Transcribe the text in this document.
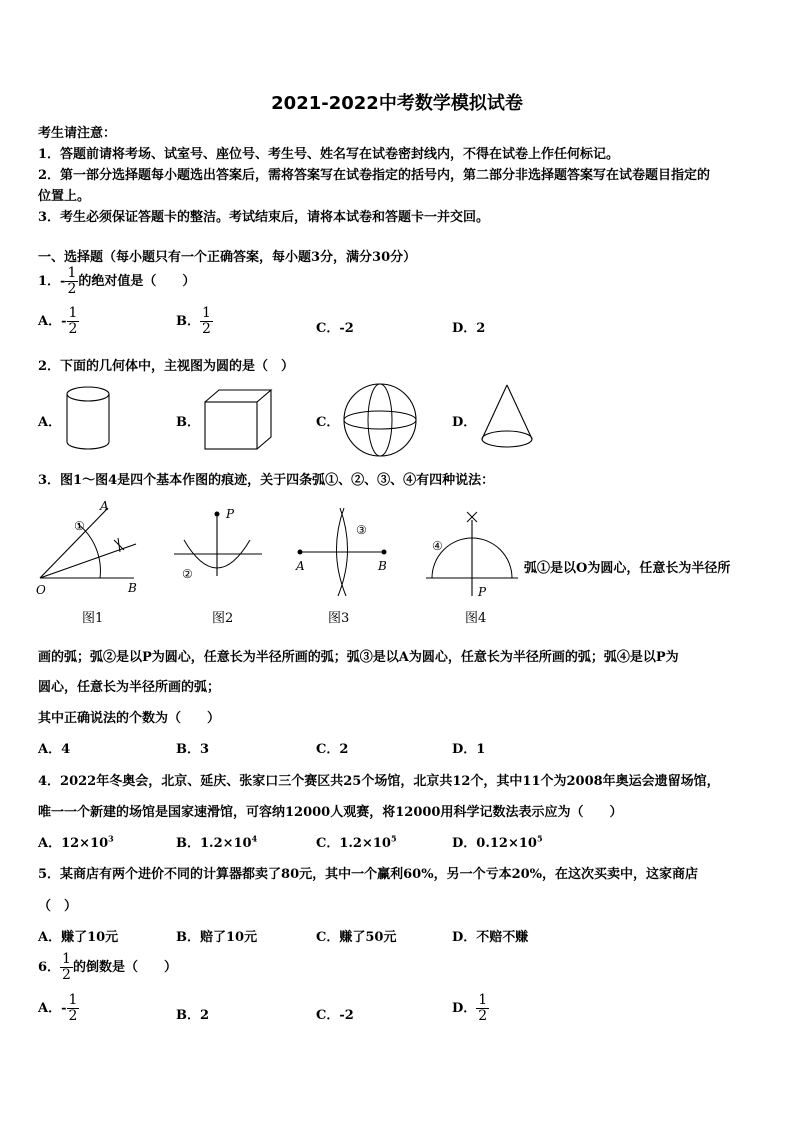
2021-2022中考数学模拟试卷
考生请注意：
1．答题前请将考场、试室号、座位号、考生号、姓名写在试卷密封线内，不得在试卷上作任何标记。
2．第一部分选择题每小题选出答案后，需将答案写在试卷指定的括号内，第二部分非选择题答案写在试卷题目指定的
位置上。
3．考生必须保证答题卡的整洁。考试结束后，请将本试卷和答题卡一并交回。
一、选择题（每小题只有一个正确答案，每小题3分，满分30分）
1．- $\frac{1}{2}$ 的绝对值是（　　）
A．- $\frac{1}{2}$	B． $\frac{1}{2}$	C．-2	D．2
2．下面的几何体中，主视图为圆的是（　）
A．	B．	C．	D．
3．图1～图4是四个基本作图的痕迹，关于四条弧①、②、③、④有四种说法：
A
B
O
①
图1
P
②
图2
A	B
③
图3
④
P
图4
弧①是以O为圆心，任意长为半径所
画的弧；弧②是以P为圆心，任意长为半径所画的弧；弧③是以A为圆心，任意长为半径所画的弧；弧④是以P为
圆心，任意长为半径所画的弧；
其中正确说法的个数为（　　）
A．4	B．3	C．2	D．1
4．2022年冬奥会，北京、延庆、张家口三个赛区共25个场馆，北京共12个，其中11个为2008年奥运会遗留场馆，
唯一一个新建的场馆是国家速滑馆，可容纳12000人观赛，将12000用科学记数法表示应为（　　）
A．$12\times 10^3$	B．$1.2\times 10^4$	C．$1.2\times 10^5$	D．$0.12\times 10^5$
5．某商店有两个进价不同的计算器都卖了80元，其中一个赢利60%，另一个亏本20%，在这次买卖中，这家商店
（　）
A．赚了10元	B．赔了10元	C．赚了50元	D．不赔不赚
6． $\frac{1}{2}$ 的倒数是（　　）
A．- $\frac{1}{2}$	B．2	C．-2	D． $\frac{1}{2}$
